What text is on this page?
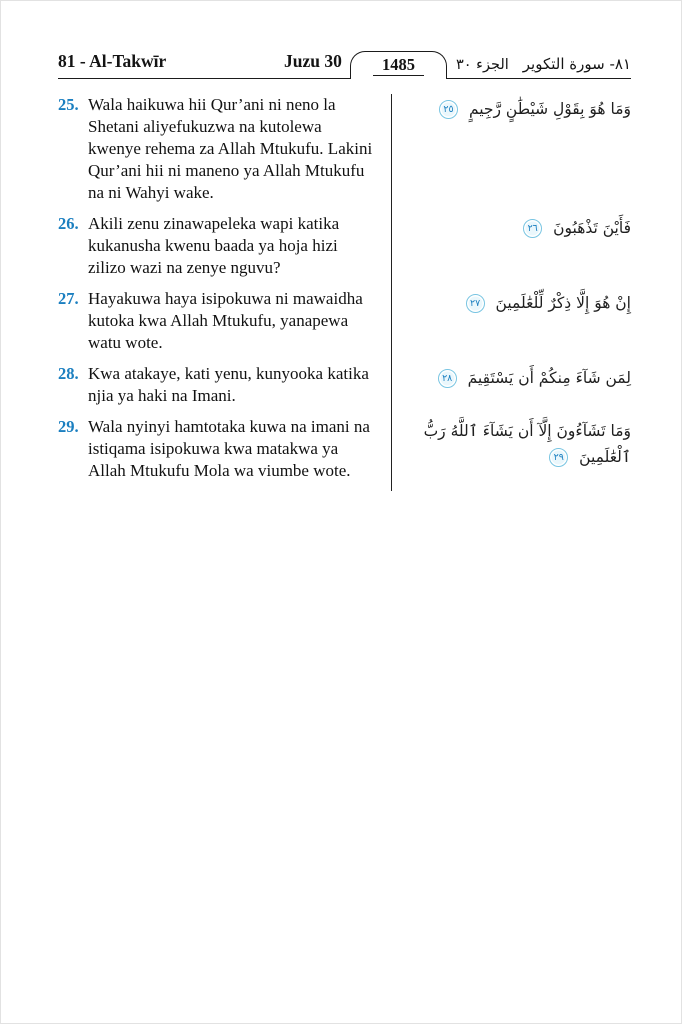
81 - Al-Takwīr	Juzu 30	1485	الجزء ٣٠ ٨١- سورة التكوير
25. Wala haikuwa hii Qur’ani ni neno la Shetani aliyefukuzwa na kutolewa kwenye rehema za Allah Mtukufu. Lakini Qur’ani hii ni maneno ya Allah Mtukufu na ni Wahyi wake.

وَمَا هُوَ بِقَوْلِ شَيْطَٰنٍ رَّجِيمٍ
٢٥
26. Akili zenu zinawapeleka wapi katika kukanusha kwenu baada ya hoja hizi zilizo wazi na zenye nguvu?

فَأَيْنَ تَذْهَبُونَ
٢٦
27. Hayakuwa haya isipokuwa ni mawaidha kutoka kwa Allah Mtukufu, yanapewa watu wote.

إِنْ هُوَ إِلَّا ذِكْرٌ لِّلْعَٰلَمِينَ
٢٧
28. Kwa atakaye, kati yenu, kunyooka katika njia ya haki na Imani.

لِمَن شَآءَ مِنكُمْ أَن يَسْتَقِيمَ
٢٨
29. Wala nyinyi hamtotaka kuwa na imani na istiqama isipokuwa kwa matakwa ya Allah Mtukufu Mola wa viumbe wote.

وَمَا تَشَآءُونَ إِلَّآ أَن يَشَآءَ ٱللَّهُ رَبُّ ٱلْعَٰلَمِينَ
٢٩
